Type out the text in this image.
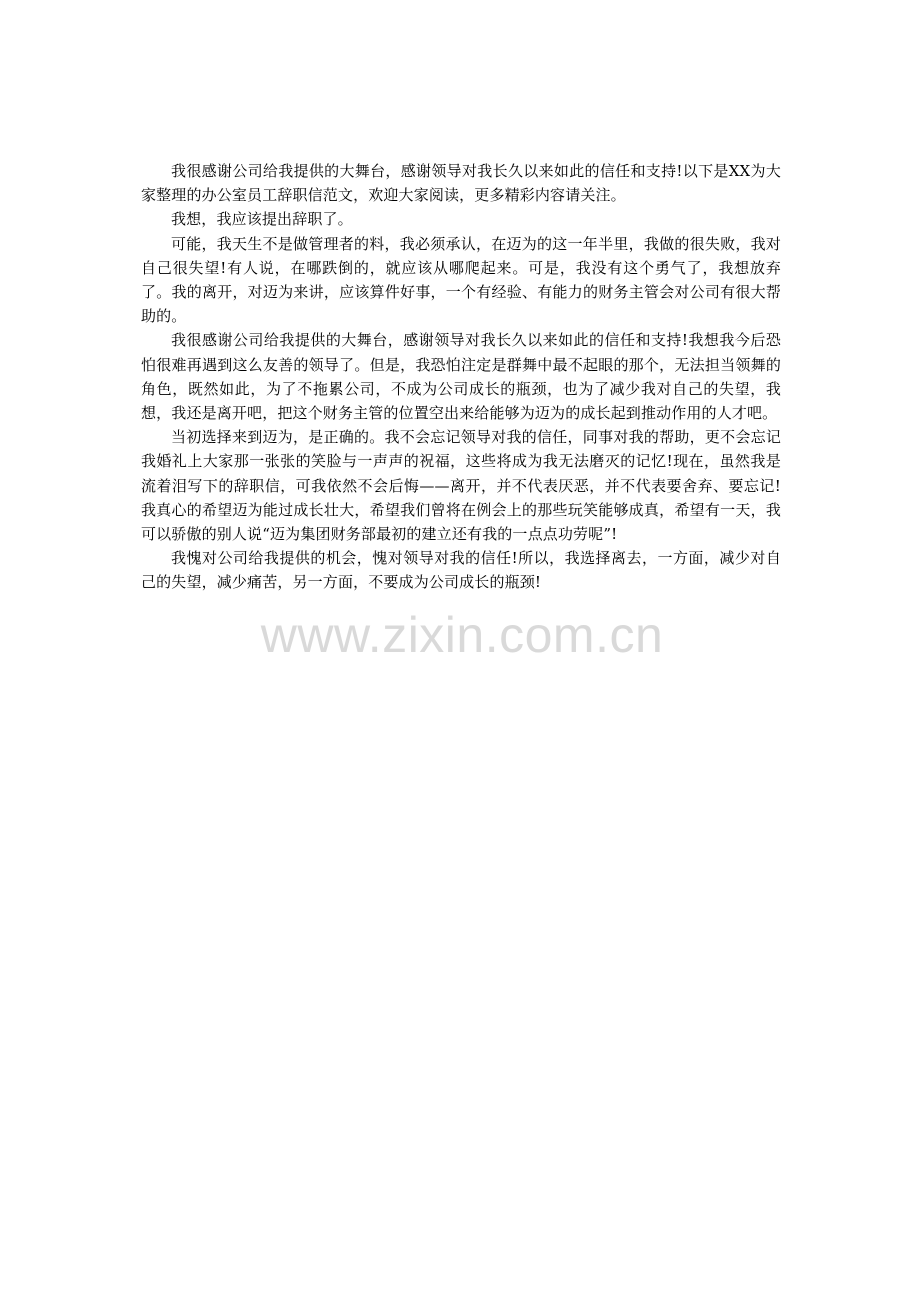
我很感谢公司给我提供的大舞台，感谢领导对我长久以来如此的信任和支持!以下是XX为大家整理的办公室员工辞职信范文，欢迎大家阅读，更多精彩内容请关注。

我想，我应该提出辞职了。

可能，我天生不是做管理者的料，我必须承认，在迈为的这一年半里，我做的很失败，我对自己很失望!有人说，在哪跌倒的，就应该从哪爬起来。可是，我没有这个勇气了，我想放弃了。我的离开，对迈为来讲，应该算件好事，一个有经验、有能力的财务主管会对公司有很大帮助的。

我很感谢公司给我提供的大舞台，感谢领导对我长久以来如此的信任和支持!我想我今后恐怕很难再遇到这么友善的领导了。但是，我恐怕注定是群舞中最不起眼的那个，无法担当领舞的角色，既然如此，为了不拖累公司，不成为公司成长的瓶颈，也为了减少我对自己的失望，我想，我还是离开吧，把这个财务主管的位置空出来给能够为迈为的成长起到推动作用的人才吧。

当初选择来到迈为，是正确的。我不会忘记领导对我的信任，同事对我的帮助，更不会忘记我婚礼上大家那一张张的笑脸与一声声的祝福，这些将成为我无法磨灭的记忆!现在，虽然我是流着泪写下的辞职信，可我依然不会后悔——离开，并不代表厌恶，并不代表要舍弃、要忘记!我真心的希望迈为能过成长壮大，希望我们曾将在例会上的那些玩笑能够成真，希望有一天，我可以骄傲的别人说“迈为集团财务部最初的建立还有我的一点点功劳呢”!

我愧对公司给我提供的机会，愧对领导对我的信任!所以，我选择离去，一方面，减少对自己的失望，减少痛苦，另一方面，不要成为公司成长的瓶颈!

www.zixin.com.cn
